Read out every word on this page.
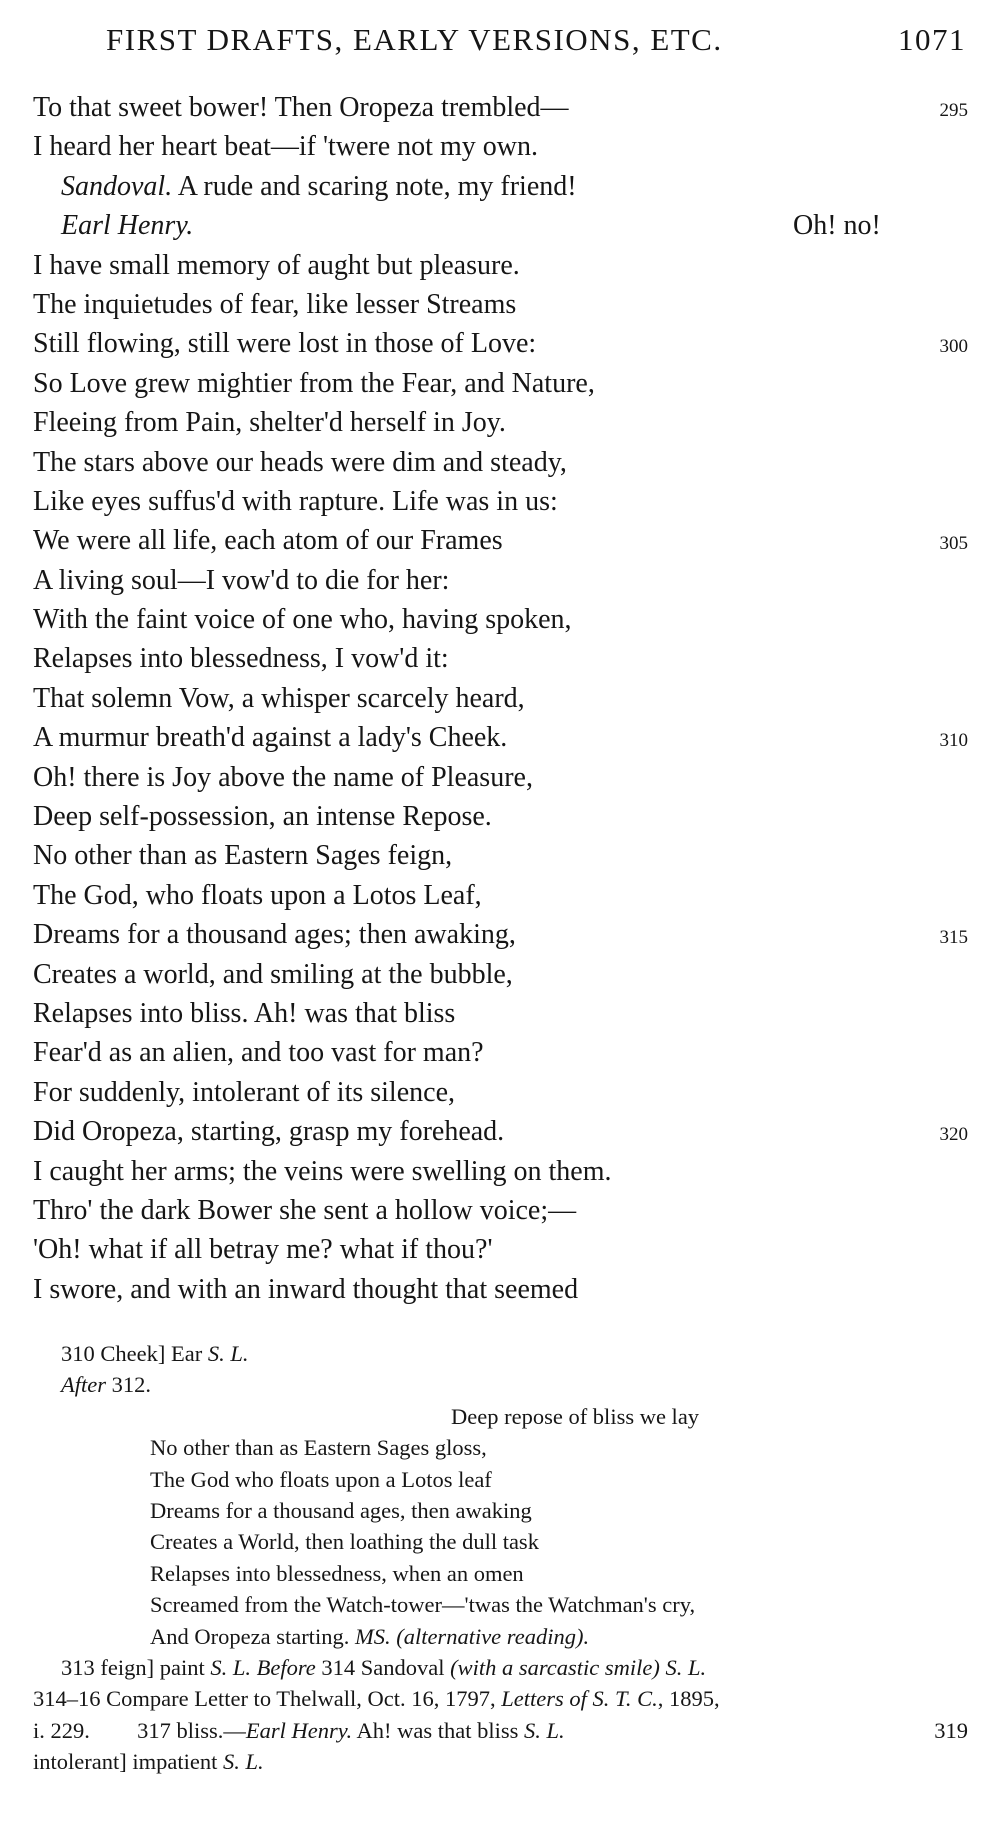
FIRST DRAFTS, EARLY VERSIONS, ETC.	1071
To that sweet bower! Then Oropeza trembled—	295
I heard her heart beat—if 'twere not my own.
Sandoval. A rude and scaring note, my friend!
Earl Henry.	Oh! no!
I have small memory of aught but pleasure.
The inquietudes of fear, like lesser Streams
Still flowing, still were lost in those of Love:	300
So Love grew mightier from the Fear, and Nature,
Fleeing from Pain, shelter'd herself in Joy.
The stars above our heads were dim and steady,
Like eyes suffus'd with rapture. Life was in us:
We were all life, each atom of our Frames	305
A living soul—I vow'd to die for her:
With the faint voice of one who, having spoken,
Relapses into blessedness, I vow'd it:
That solemn Vow, a whisper scarcely heard,
A murmur breath'd against a lady's Cheek.	310
Oh! there is Joy above the name of Pleasure,
Deep self-possession, an intense Repose.
No other than as Eastern Sages feign,
The God, who floats upon a Lotos Leaf,
Dreams for a thousand ages; then awaking,	315
Creates a world, and smiling at the bubble,
Relapses into bliss. Ah! was that bliss
Fear'd as an alien, and too vast for man?
For suddenly, intolerant of its silence,
Did Oropeza, starting, grasp my forehead.	320
I caught her arms; the veins were swelling on them.
Thro' the dark Bower she sent a hollow voice;—
'Oh! what if all betray me? what if thou?'
I swore, and with an inward thought that seemed
310 Cheek] Ear S. L.
After 312.
Deep repose of bliss we lay
No other than as Eastern Sages gloss,
The God who floats upon a Lotos leaf
Dreams for a thousand ages, then awaking
Creates a World, then loathing the dull task
Relapses into blessedness, when an omen
Screamed from the Watch-tower—'twas the Watchman's cry,
And Oropeza starting. MS. (alternative reading).
313 feign] paint S. L. Before 314 Sandoval (with a sarcastic smile) S. L.
314–16 Compare Letter to Thelwall, Oct. 16, 1797, Letters of S. T. C., 1895,
i. 229. 317 bliss.—Earl Henry. Ah! was that bliss S. L.	319
intolerant] impatient S. L.
